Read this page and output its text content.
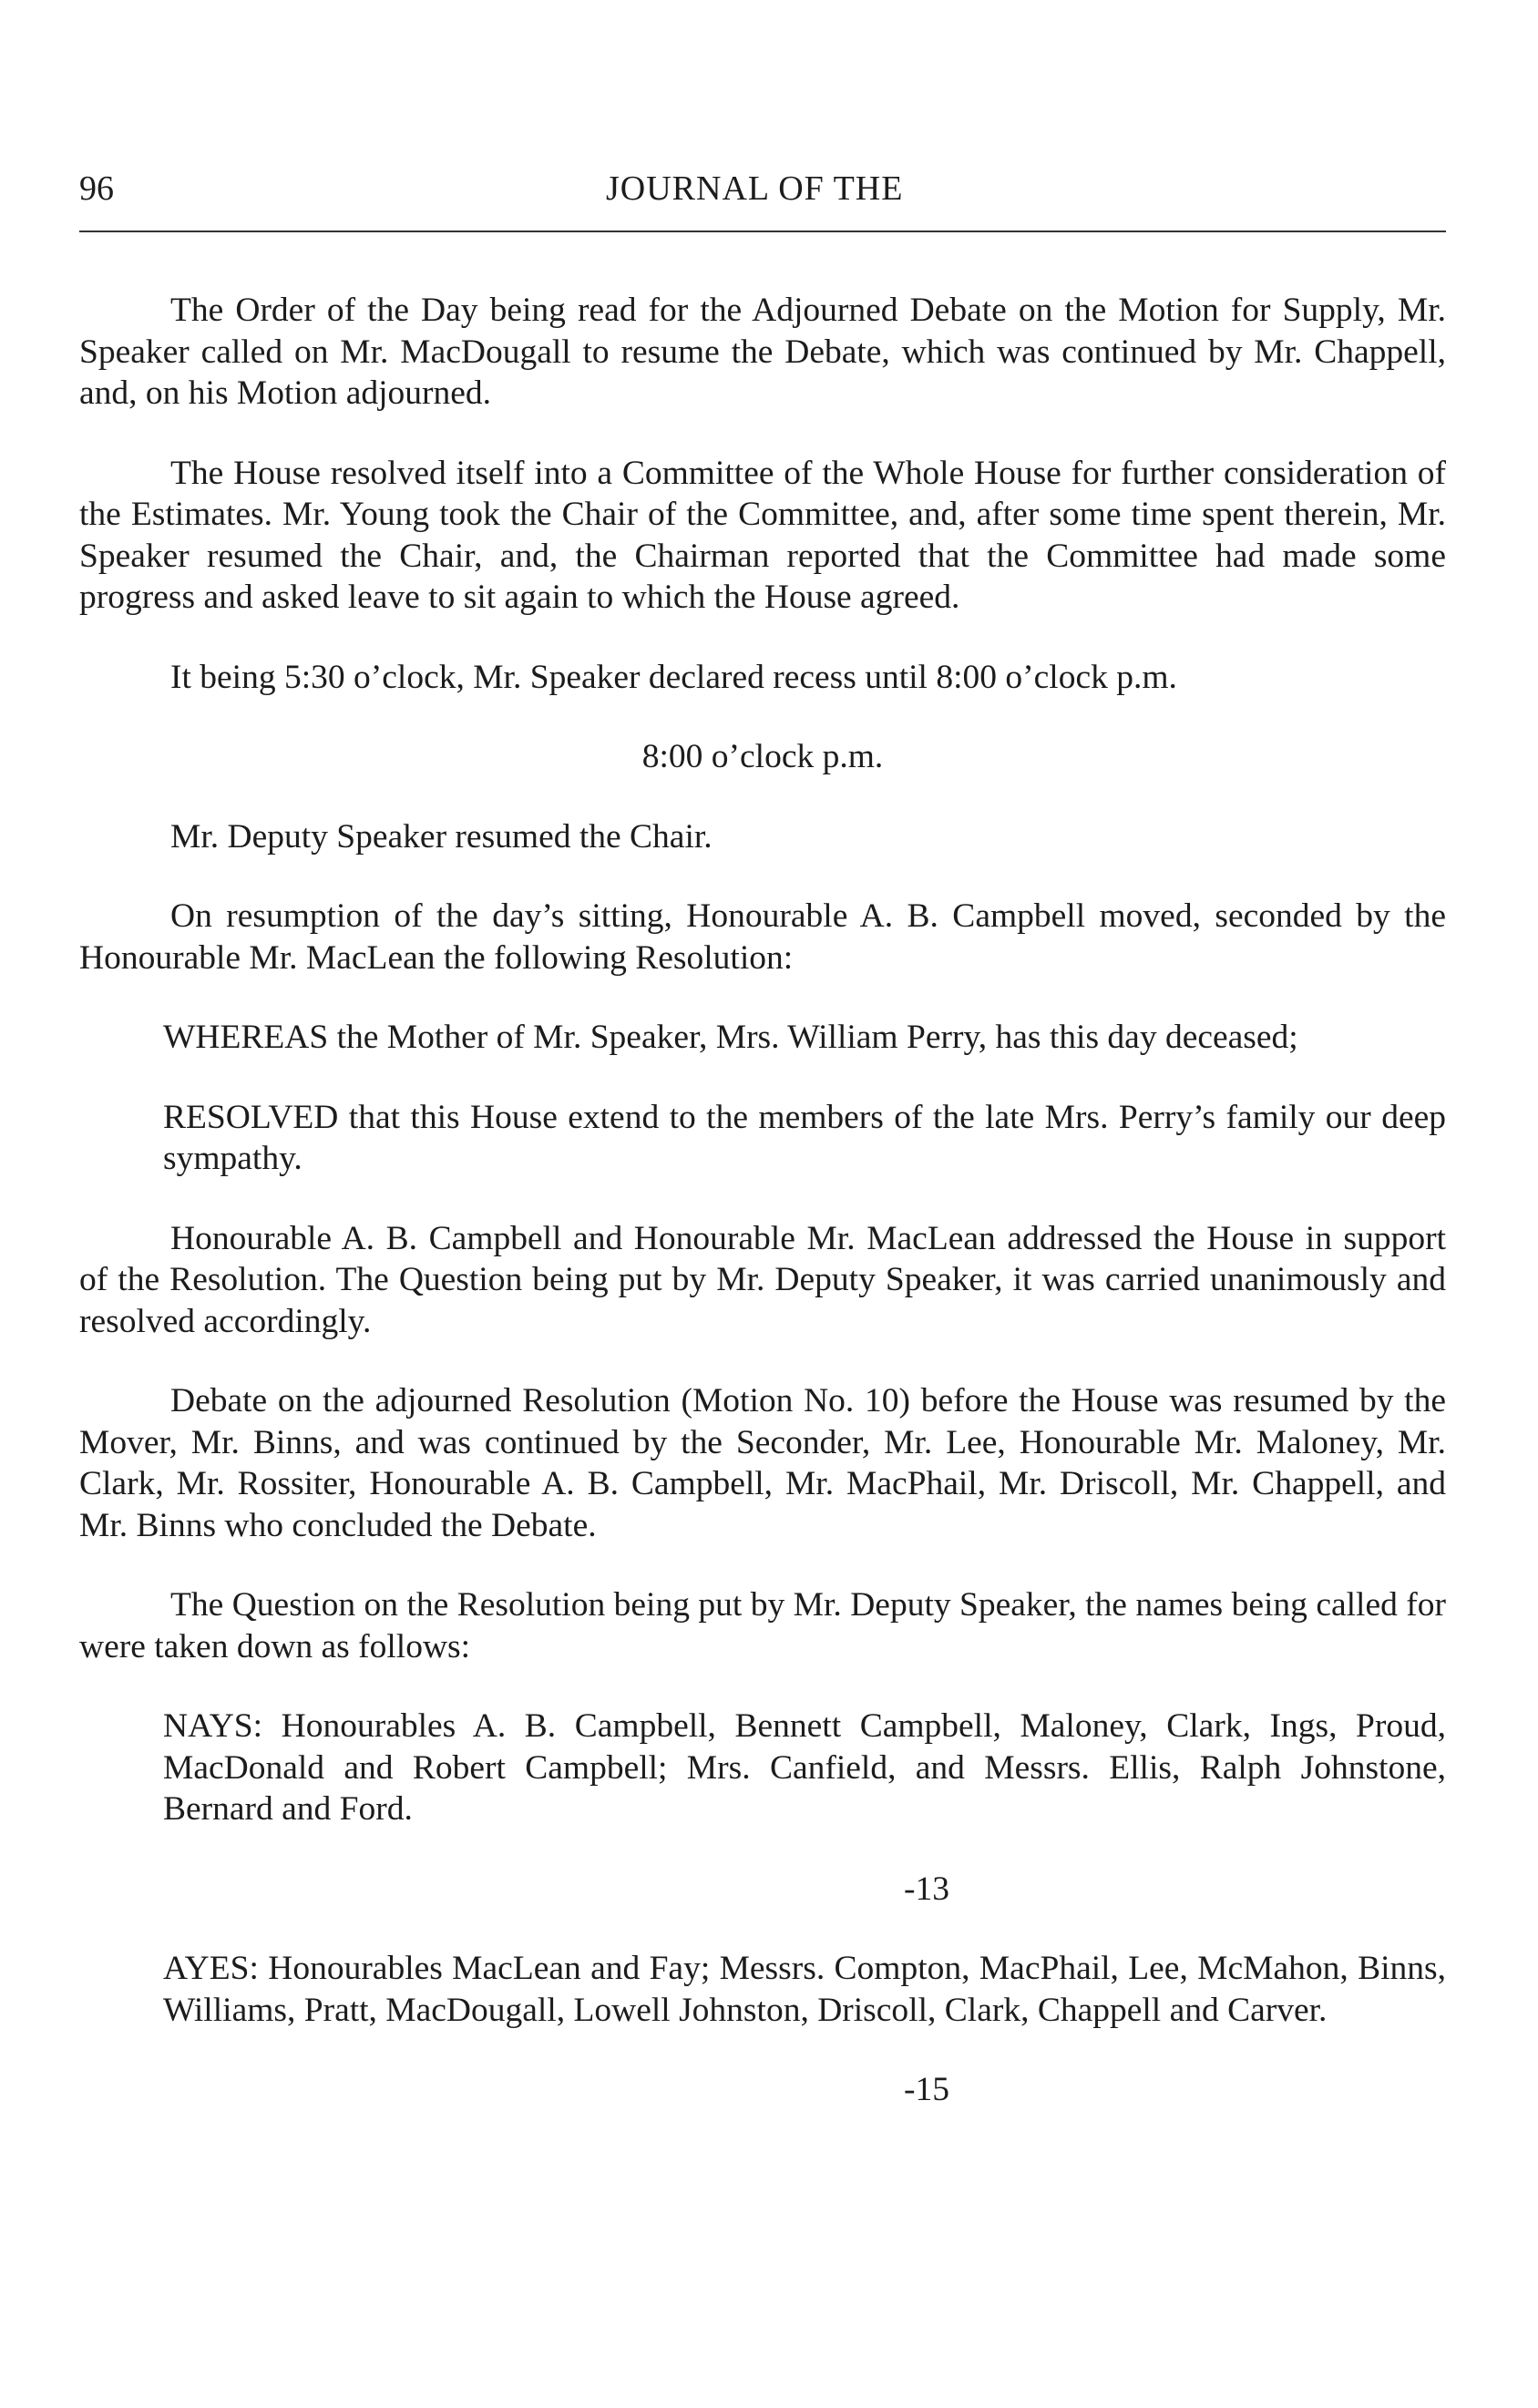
96	JOURNAL OF THE

The Order of the Day being read for the Adjourned Debate on the Motion for Supply, Mr. Speaker called on Mr. MacDougall to resume the Debate, which was continued by Mr. Chappell, and, on his Motion adjourned.

The House resolved itself into a Committee of the Whole House for further consideration of the Estimates. Mr. Young took the Chair of the Committee, and, after some time spent therein, Mr. Speaker resumed the Chair, and, the Chairman reported that the Committee had made some progress and asked leave to sit again to which the House agreed.

It being 5:30 o’clock, Mr. Speaker declared recess until 8:00 o’clock p.m.

8:00 o’clock p.m.

Mr. Deputy Speaker resumed the Chair.

On resumption of the day’s sitting, Honourable A. B. Campbell moved, seconded by the Honourable Mr. MacLean the following Resolution:

WHEREAS the Mother of Mr. Speaker, Mrs. William Perry, has this day deceased;

RESOLVED that this House extend to the members of the late Mrs. Perry’s family our deep sympathy.

Honourable A. B. Campbell and Honourable Mr. MacLean addressed the House in support of the Resolution. The Question being put by Mr. Deputy Speaker, it was carried unanimously and resolved accordingly.

Debate on the adjourned Resolution (Motion No. 10) before the House was resumed by the Mover, Mr. Binns, and was continued by the Seconder, Mr. Lee, Honourable Mr. Maloney, Mr. Clark, Mr. Rossiter, Honourable A. B. Campbell, Mr. MacPhail, Mr. Driscoll, Mr. Chappell, and Mr. Binns who concluded the Debate.

The Question on the Resolution being put by Mr. Deputy Speaker, the names being called for were taken down as follows:

NAYS: Honourables A. B. Campbell, Bennett Campbell, Maloney, Clark, Ings, Proud, MacDonald and Robert Campbell; Mrs. Canfield, and Messrs. Ellis, Ralph Johnstone, Bernard and Ford.

-13

AYES: Honourables MacLean and Fay; Messrs. Compton, MacPhail, Lee, McMahon, Binns, Williams, Pratt, MacDougall, Lowell Johnston, Driscoll, Clark, Chappell and Carver.

-15
